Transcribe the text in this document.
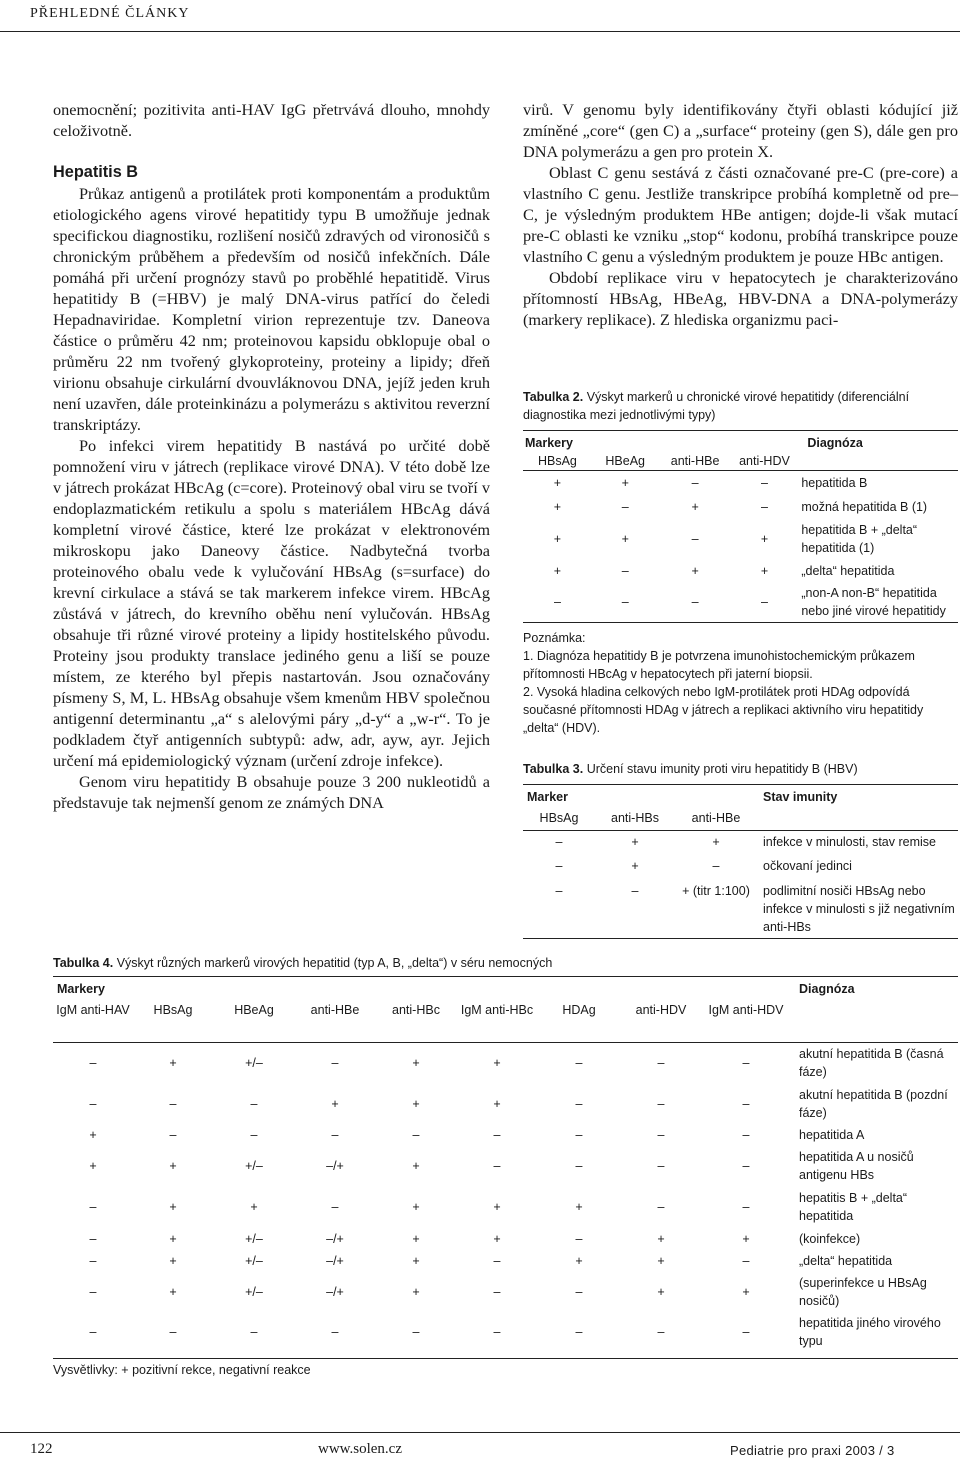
PŘEHLEDNÉ ČLÁNKY

onemocnění; pozitivita anti-HAV IgG přetrvává dlouho, mnohdy celoživotně.

Hepatitis B

Průkaz antigenů a protilátek proti komponentám a produktům etiologického agens virové hepatitidy typu B umožňuje jednak specifickou diagnostiku, rozlišení nosičů zdravých od vironosičů s chronickým průběhem a především od nosičů infekčních. Dále pomáhá při určení prognózy stavů po proběhlé hepatitidě. Virus hepatitidy B (=HBV) je malý DNA-virus patřící do čeledi Hepadnaviridae. Kompletní virion reprezentuje tzv. Daneova částice o průměru 42 nm; proteinovou kapsidu obklopuje obal o průměru 22 nm tvořený glykoproteiny, proteiny a lipidy; dřeň virionu obsahuje cirkulární dvouvláknovou DNA, jejíž jeden kruh není uzavřen, dále proteinkinázu a polymerázu s aktivitou reverzní transkriptázy.

Po infekci virem hepatitidy B nastává po určité době pomnožení viru v játrech (replikace virové DNA). V této době lze v játrech prokázat HBcAg (c=core). Proteinový obal viru se tvoří v endoplazmatickém retikulu a spolu s materiálem HBcAg dává kompletní virové částice, které lze prokázat v elektronovém mikroskopu jako Daneovy částice. Nadbytečná tvorba proteinového obalu vede k vylučování HBsAg (s=surface) do krevní cirkulace a stává se tak markerem infekce virem. HBcAg zůstává v játrech, do krevního oběhu není vylučován. HBsAg obsahuje tři různé virové proteiny a lipidy hostitelského původu. Proteiny jsou produkty translace jediného genu a liší se pouze místem, ze kterého byl přepis nastartován. Jsou označovány písmeny S, M, L. HBsAg obsahuje všem kmenům HBV společnou antigenní determinantu „a“ s alelovými páry „d-y“ a „w-r“. To je podkladem čtyř antigenních subtypů: adw, adr, ayw, ayr. Jejich určení má epidemiologický význam (určení zdroje infekce).

Genom viru hepatitidy B obsahuje pouze 3 200 nukleotidů a představuje tak nejmenší genom ze známých DNA

virů. V genomu byly identifikovány čtyři oblasti kódující již zmíněné „core“ (gen C) a „surface“ proteiny (gen S), dále gen pro DNA polymerázu a gen pro protein X.

Oblast C genu sestává z části označované pre-C (pre-core) a vlastního C genu. Jestliže transkripce probíhá kompletně od pre–C, je výsledným produktem HBe antigen; dojde-li však mutací pre-C oblasti ke vzniku „stop“ kodonu, probíhá transkripce pouze vlastního C genu a výsledným produktem je pouze HBc antigen.

Období replikace viru v hepatocytech je charakterizováno přítomností HBsAg, HBeAg, HBV-DNA a DNA-polymerázy (markery replikace). Z hlediska organizmu paci-

Tabulka 2. Výskyt markerů u chronické virové hepatitidy (diferenciální diagnostika mezi jednotlivými typy)
Markery				Diagnóza
HBsAg	HBeAg	anti-HBe	anti-HDV	
+	+	–	–	hepatitida B
+	–	+	–	možná hepatitida B (1)
+	+	–	+	hepatitida B + „delta“ hepatitida (1)
+	–	+	+	„delta“ hepatitida
–	–	–	–	„non-A non-B“ hepatitida nebo jiné virové hepatitidy
Poznámka:
1. Diagnóza hepatitidy B je potvrzena imunohistochemickým průkazem přítomnosti HBcAg v hepatocytech při jaterní biopsii.
2. Vysoká hladina celkových nebo IgM-protilátek proti HDAg odpovídá současné přítomnosti HDAg v játrech a replikaci aktivního viru hepatitidy „delta“ (HDV).
Tabulka 3. Určení stavu imunity proti viru hepatitidy B (HBV)
Marker			Stav imunity
HBsAg	anti-HBs	anti-HBe	
–	+	+	infekce v minulosti, stav remise
–	+	–	očkovaní jedinci
–	–	+ (titr 1:100)	podlimitní nosiči HBsAg nebo infekce v minulosti s již negativním anti-HBs
Tabulka 4. Výskyt různých markerů virových hepatitid (typ A, B, „delta“) v séru nemocných
Markery									Diagnóza
IgM anti-HAV	HBsAg	HBeAg	anti-HBe	anti-HBc	IgM anti-HBc	HDAg	anti-HDV	IgM anti-HDV	
–	+	+/–	–	+	+	–	–	–	akutní hepatitida B (časná fáze)
–	–	–	+	+	+	–	–	–	akutní hepatitida B (pozdní fáze)
+	–	–	–	–	–	–	–	–	hepatitida A
+	+	+/–	–/+	+	–	–	–	–	hepatitida A u nosičů antigenu HBs
–	+	+	–	+	+	+	–	–	hepatitis B + „delta“ hepatitida
–	+	+/–	–/+	+	+	–	+	+	(koinfekce)
–	+	+/–	–/+	+	–	+	+	–	„delta“ hepatitida
–	+	+/–	–/+	+	–	–	+	+	(superinfekce u HBsAg nosičů)
–	–	–	–	–	–	–	–	–	hepatitida jiného virového typu
Vysvětlivky: + pozitivní rekce, negativní reakce
122	www.solen.cz	Pediatrie pro praxi 2003 / 3
